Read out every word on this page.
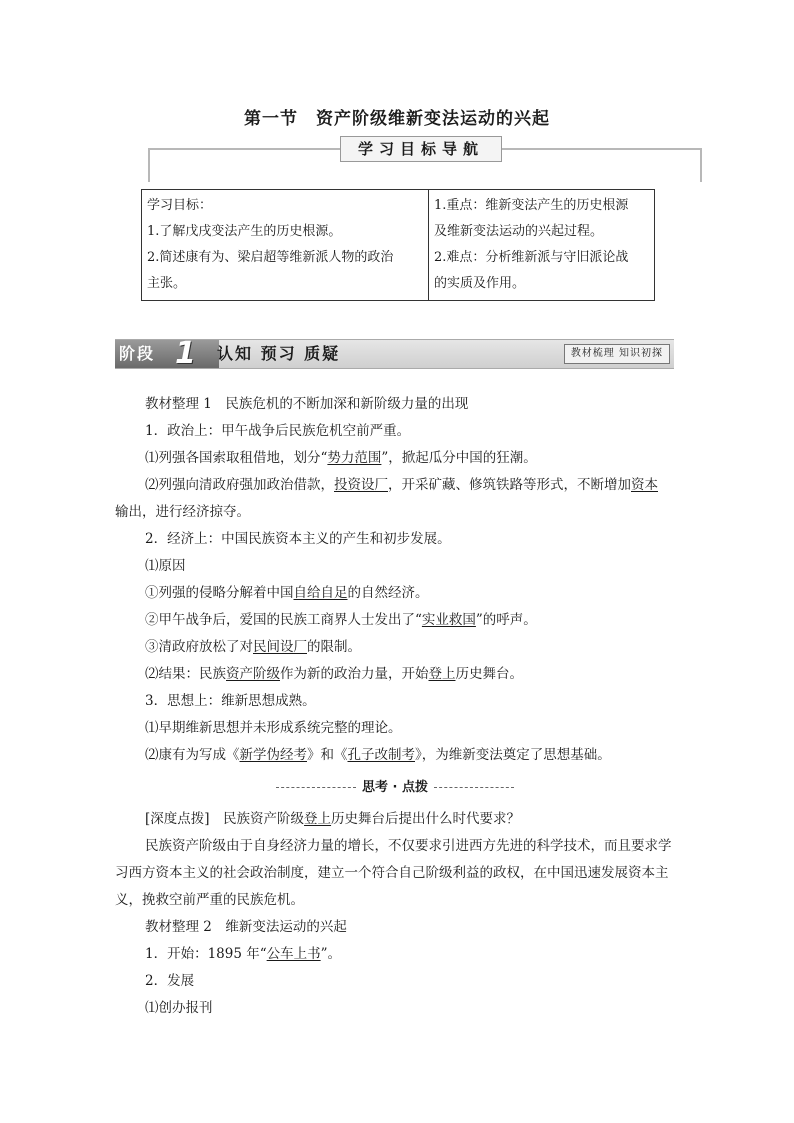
第一节 资产阶级维新变法运动的兴起
学习目标导航
学习目标：
1.了解戊戌变法产生的历史根源。
2.简述康有为、梁启超等维新派人物的政治
主张。

1.重点：维新变法产生的历史根源
及维新变法运动的兴起过程。
2.难点：分析维新派与守旧派论战
的实质及作用。
阶段 1 认知 预习 质疑	教材梳理 知识初探
教材整理 1　民族危机的不断加深和新阶级力量的出现
1．政治上：甲午战争后民族危机空前严重。
⑴列强各国索取租借地，划分“势力范围”，掀起瓜分中国的狂潮。
⑵列强向清政府强加政治借款，投资设厂，开采矿藏、修筑铁路等形式，不断增加资本
输出，进行经济掠夺。
2．经济上：中国民族资本主义的产生和初步发展。
⑴原因
①列强的侵略分解着中国自给自足的自然经济。
②甲午战争后，爱国的民族工商界人士发出了“实业救国”的呼声。
③清政府放松了对民间设厂的限制。
⑵结果：民族资产阶级作为新的政治力量，开始登上历史舞台。
3．思想上：维新思想成熟。
⑴早期维新思想并未形成系统完整的理论。
⑵康有为写成《新学伪经考》和《孔子改制考》，为维新变法奠定了思想基础。
思考 · 点拨
[深度点拨]　民族资产阶级登上历史舞台后提出什么时代要求？
民族资产阶级由于自身经济力量的增长，不仅要求引进西方先进的科学技术，而且要求学习西方资本主义的社会政治制度，建立一个符合自己阶级利益的政权，在中国迅速发展资本主义，挽救空前严重的民族危机。
教材整理 2　维新变法运动的兴起
1．开始：1895 年“公车上书”。
2．发展
⑴创办报刊
